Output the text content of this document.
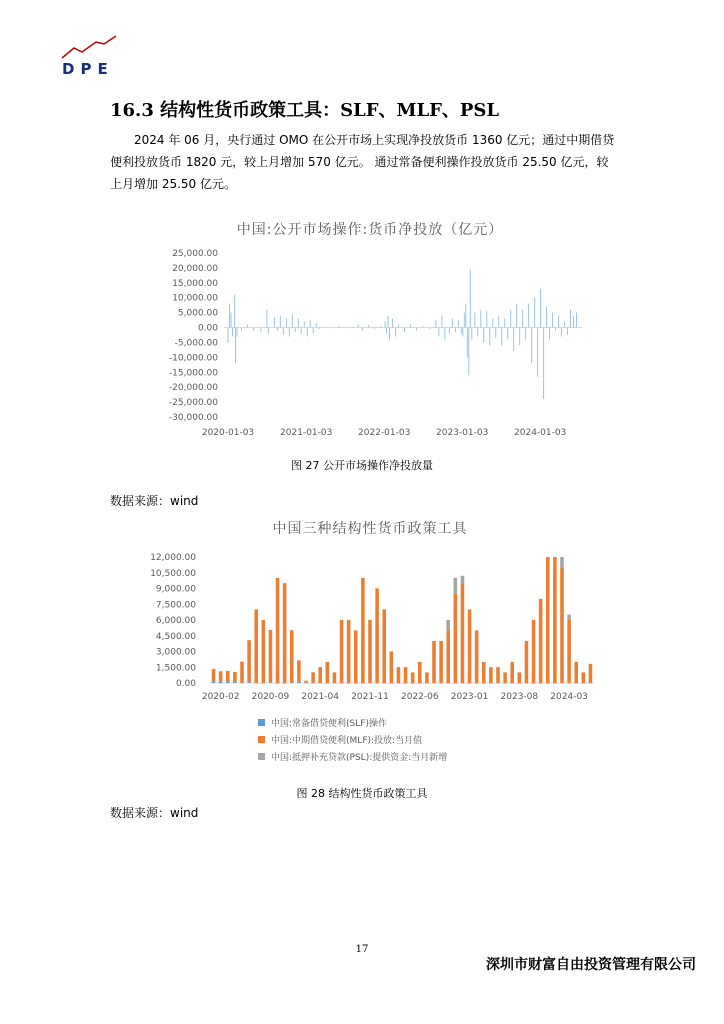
DPE
16.3 结构性货币政策工具：SLF、MLF、PSL
2024 年 06 月，央行通过 OMO 在公开市场上实现净投放货币 1360 亿元；通过中期借贷便利投放货币 1820 元，较上月增加 570 亿元。 通过常备便利操作投放货币 25.50 亿元，较上月增加 25.50 亿元。
中国:公开市场操作:货币净投放（亿元）
25,000.00
20,000.00
15,000.00
10,000.00
5,000.00
0.00
-5,000.00
-10,000.00
-15,000.00
-20,000.00
-25,000.00
-30,000.00
2020-01-03	2021-01-03	2022-01-03	2023-01-03	2024-01-03
图 27 公开市场操作净投放量
数据来源：wind
中国三种结构性货币政策工具
12,000.00
10,500.00
9,000.00
7,500.00
6,000.00
4,500.00
3,000.00
1,500.00
0.00
2020-02 2020-09 2021-04 2021-11 2022-06 2023-01 2023-08 2024-03
中国:常备借贷便利(SLF)操作
中国:中期借贷便利(MLF):投放:当月值
中国:抵押补充贷款(PSL):提供资金:当月新增
图 28 结构性货币政策工具
数据来源：wind
17
深圳市财富自由投资管理有限公司
